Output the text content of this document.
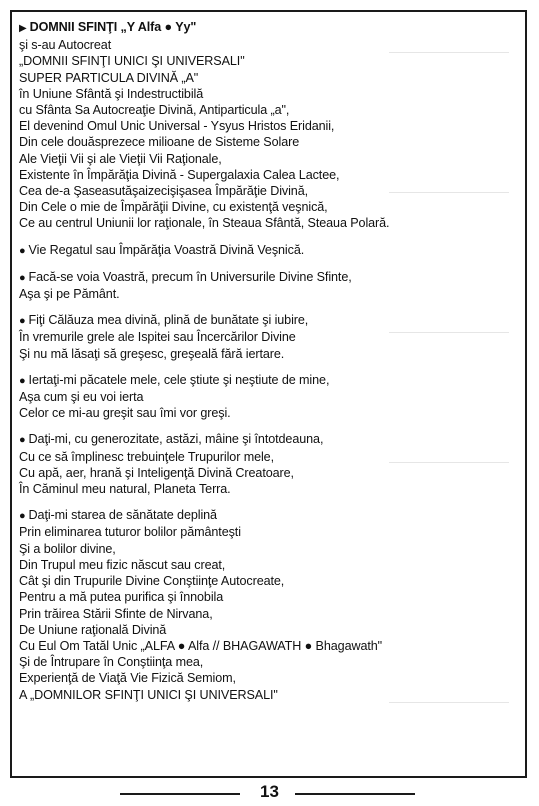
▶ DOMNII SFINŢI „Y Alfa ● Yy"
şi s-au Autocreat
„DOMNII SFINŢI UNICI ŞI UNIVERSALI"
SUPER PARTICULA DIVINĂ „A"
în Uniune Sfântă şi Indestructibilă
cu Sfânta Sa Autocreaţie Divină, Antiparticula „a",
El devenind Omul Unic Universal - Ysyus Hristos Eridanii,
Din cele douăsprezece milioane de Sisteme Solare
Ale Vieţii Vii şi ale Vieţii Vii Raţionale,
Existente în Împărăţia Divină - Supergalaxia Calea Lactee,
Cea de-a Şaseasutăşaizecişişasea Împărăţie Divină,
Din Cele o mie de Împărăţii Divine, cu existenţă veşnică,
Ce au centrul Uniunii lor raţionale, în Steaua Sfântă, Steaua Polară.
● Vie Regatul sau Împărăţia Voastră Divină Veşnică.
● Facă-se voia Voastră, precum în Universurile Divine Sfinte,
Aşa şi pe Pământ.
● Fiţi Călăuza mea divină, plină de bunătate şi iubire,
În vremurile grele ale Ispitei sau Încercărilor Divine
Şi nu mă lăsaţi să greşesc, greşeală fără iertare.
● Iertaţi-mi păcatele mele, cele ştiute şi neştiute de mine,
Aşa cum şi eu voi ierta
Celor ce mi-au greşit sau îmi vor greşi.
● Daţi-mi, cu generozitate, astăzi, mâine şi întotdeauna,
Cu ce să împlinesc trebuinţele Trupurilor mele,
Cu apă, aer, hrană şi Inteligenţă Divină Creatoare,
În Căminul meu natural, Planeta Terra.
● Daţi-mi starea de sănătate deplină
Prin eliminarea tuturor bolilor pământeşti
Şi a bolilor divine,
Din Trupul meu fizic născut sau creat,
Cât şi din Trupurile Divine Conştiinţe Autocreate,
Pentru a mă putea purifica şi înnobila
Prin trăirea Stării Sfinte de Nirvana,
De Uniune raţională Divină
Cu Eul Om Tatăl Unic „ALFA ● Alfa // BHAGAWATH ● Bhagawath"
Şi de Întrupare în Conştiinţa mea,
Experienţă de Viaţă Vie Fizică Semiom,
A „DOMNILOR SFINŢI UNICI ŞI UNIVERSALI"
13
